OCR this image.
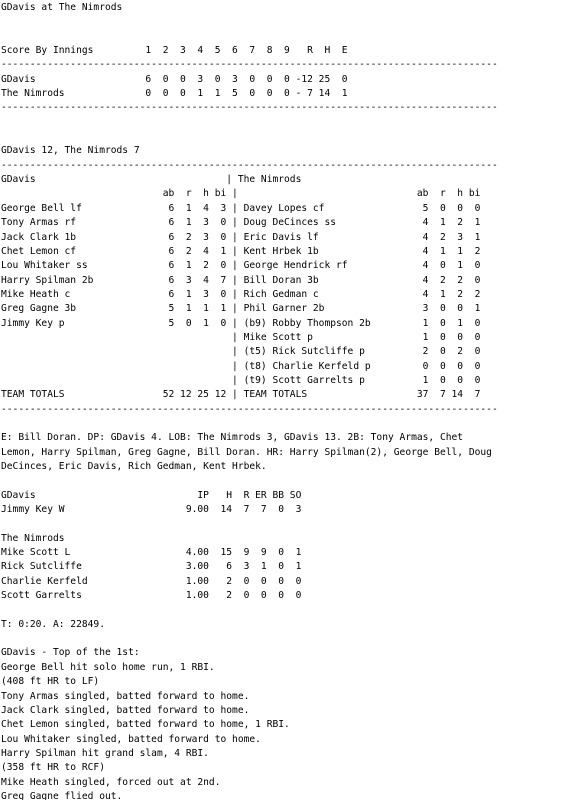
GDavis at The Nimrods
Score By Innings         1  2  3  4  5  6  7  8  9   R  H  E
--------------------------------------------------------------------------------------
GDavis                   6  0  0  3  0  3  0  0  0 -12 25  0
The Nimrods              0  0  0  1  1  5  0  0  0 - 7 14  1
--------------------------------------------------------------------------------------
GDavis 12, The Nimrods 7
--------------------------------------------------------------------------------------
GDavis                                 | The Nimrods
ab  r  h bi |                               ab  r  h bi
George Bell lf               6  1  4  3 | Davey Lopes cf                 5  0  0  0
Tony Armas rf                6  1  3  0 | Doug DeCinces ss               4  1  2  1
Jack Clark 1b                6  2  3  0 | Eric Davis lf                  4  2  3  1
Chet Lemon cf                6  2  4  1 | Kent Hrbek 1b                  4  1  1  2
Lou Whitaker ss              6  1  2  0 | George Hendrick rf             4  0  1  0
Harry Spilman 2b             6  3  4  7 | Bill Doran 3b                  4  2  2  0
Mike Heath c                 6  1  3  0 | Rich Gedman c                  4  1  2  2
Greg Gagne 3b                5  1  1  1 | Phil Garner 2b                 3  0  0  1
Jimmy Key p                  5  0  1  0 | (b9) Robby Thompson 2b         1  0  1  0
| Mike Scott p                   1  0  0  0
| (t5) Rick Sutcliffe p          2  0  2  0
| (t8) Charlie Kerfeld p         0  0  0  0
| (t9) Scott Garrelts p          1  0  0  0
TEAM TOTALS                 52 12 25 12 | TEAM TOTALS                   37  7 14  7
--------------------------------------------------------------------------------------
E: Bill Doran. DP: GDavis 4. LOB: The Nimrods 3, GDavis 13. 2B: Tony Armas, Chet
Lemon, Harry Spilman, Greg Gagne, Bill Doran. HR: Harry Spilman(2), George Bell, Doug
DeCinces, Eric Davis, Rich Gedman, Kent Hrbek.
GDavis                            IP   H  R ER BB SO
Jimmy Key W                     9.00  14  7  7  0  3
The Nimrods
Mike Scott L                    4.00  15  9  9  0  1
Rick Sutcliffe                  3.00   6  3  1  0  1
Charlie Kerfeld                 1.00   2  0  0  0  0
Scott Garrelts                  1.00   2  0  0  0  0
T: 0:20. A: 22849.
GDavis - Top of the 1st:
George Bell hit solo home run, 1 RBI.
(408 ft HR to LF)
Tony Armas singled, batted forward to home.
Jack Clark singled, batted forward to home.
Chet Lemon singled, batted forward to home, 1 RBI.
Lou Whitaker singled, batted forward to home.
Harry Spilman hit grand slam, 4 RBI.
(358 ft HR to RCF)
Mike Heath singled, forced out at 2nd.
Greg Gagne flied out.
